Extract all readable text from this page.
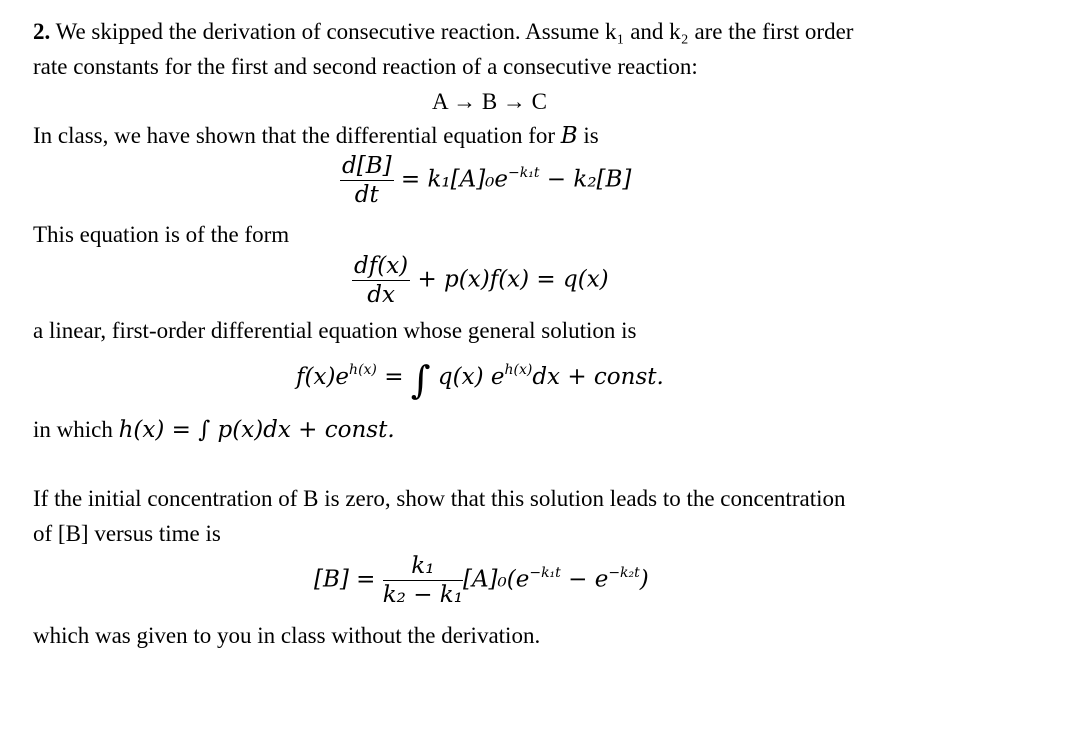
2. We skipped the derivation of consecutive reaction. Assume k₁ and k₂ are the first order
rate constants for the first and second reaction of a consecutive reaction:
A → B → C
In class, we have shown that the differential equation for B is
$\frac{d[B]}{dt} = k_1[A]_0e^{-k_1t} - k_2[B]$
This equation is of the form
$\frac{df(x)}{dx} + p(x)f(x) = q(x)$
a linear, first-order differential equation whose general solution is
$f(x)e^{h(x)}$ = ∫ q(x) $e^{h(x)}dx$ + const.
in which h(x) = ∫ p(x)dx + const.
If the initial concentration of B is zero, show that this solution leads to the concentration
of [B] versus time is
$[B] = \frac{\text{k₁}}{\text{k₂ − k₁}} [A]_0(e^{-k_1t} - e^{-k_2t})$
which was given to you in class without the derivation.
